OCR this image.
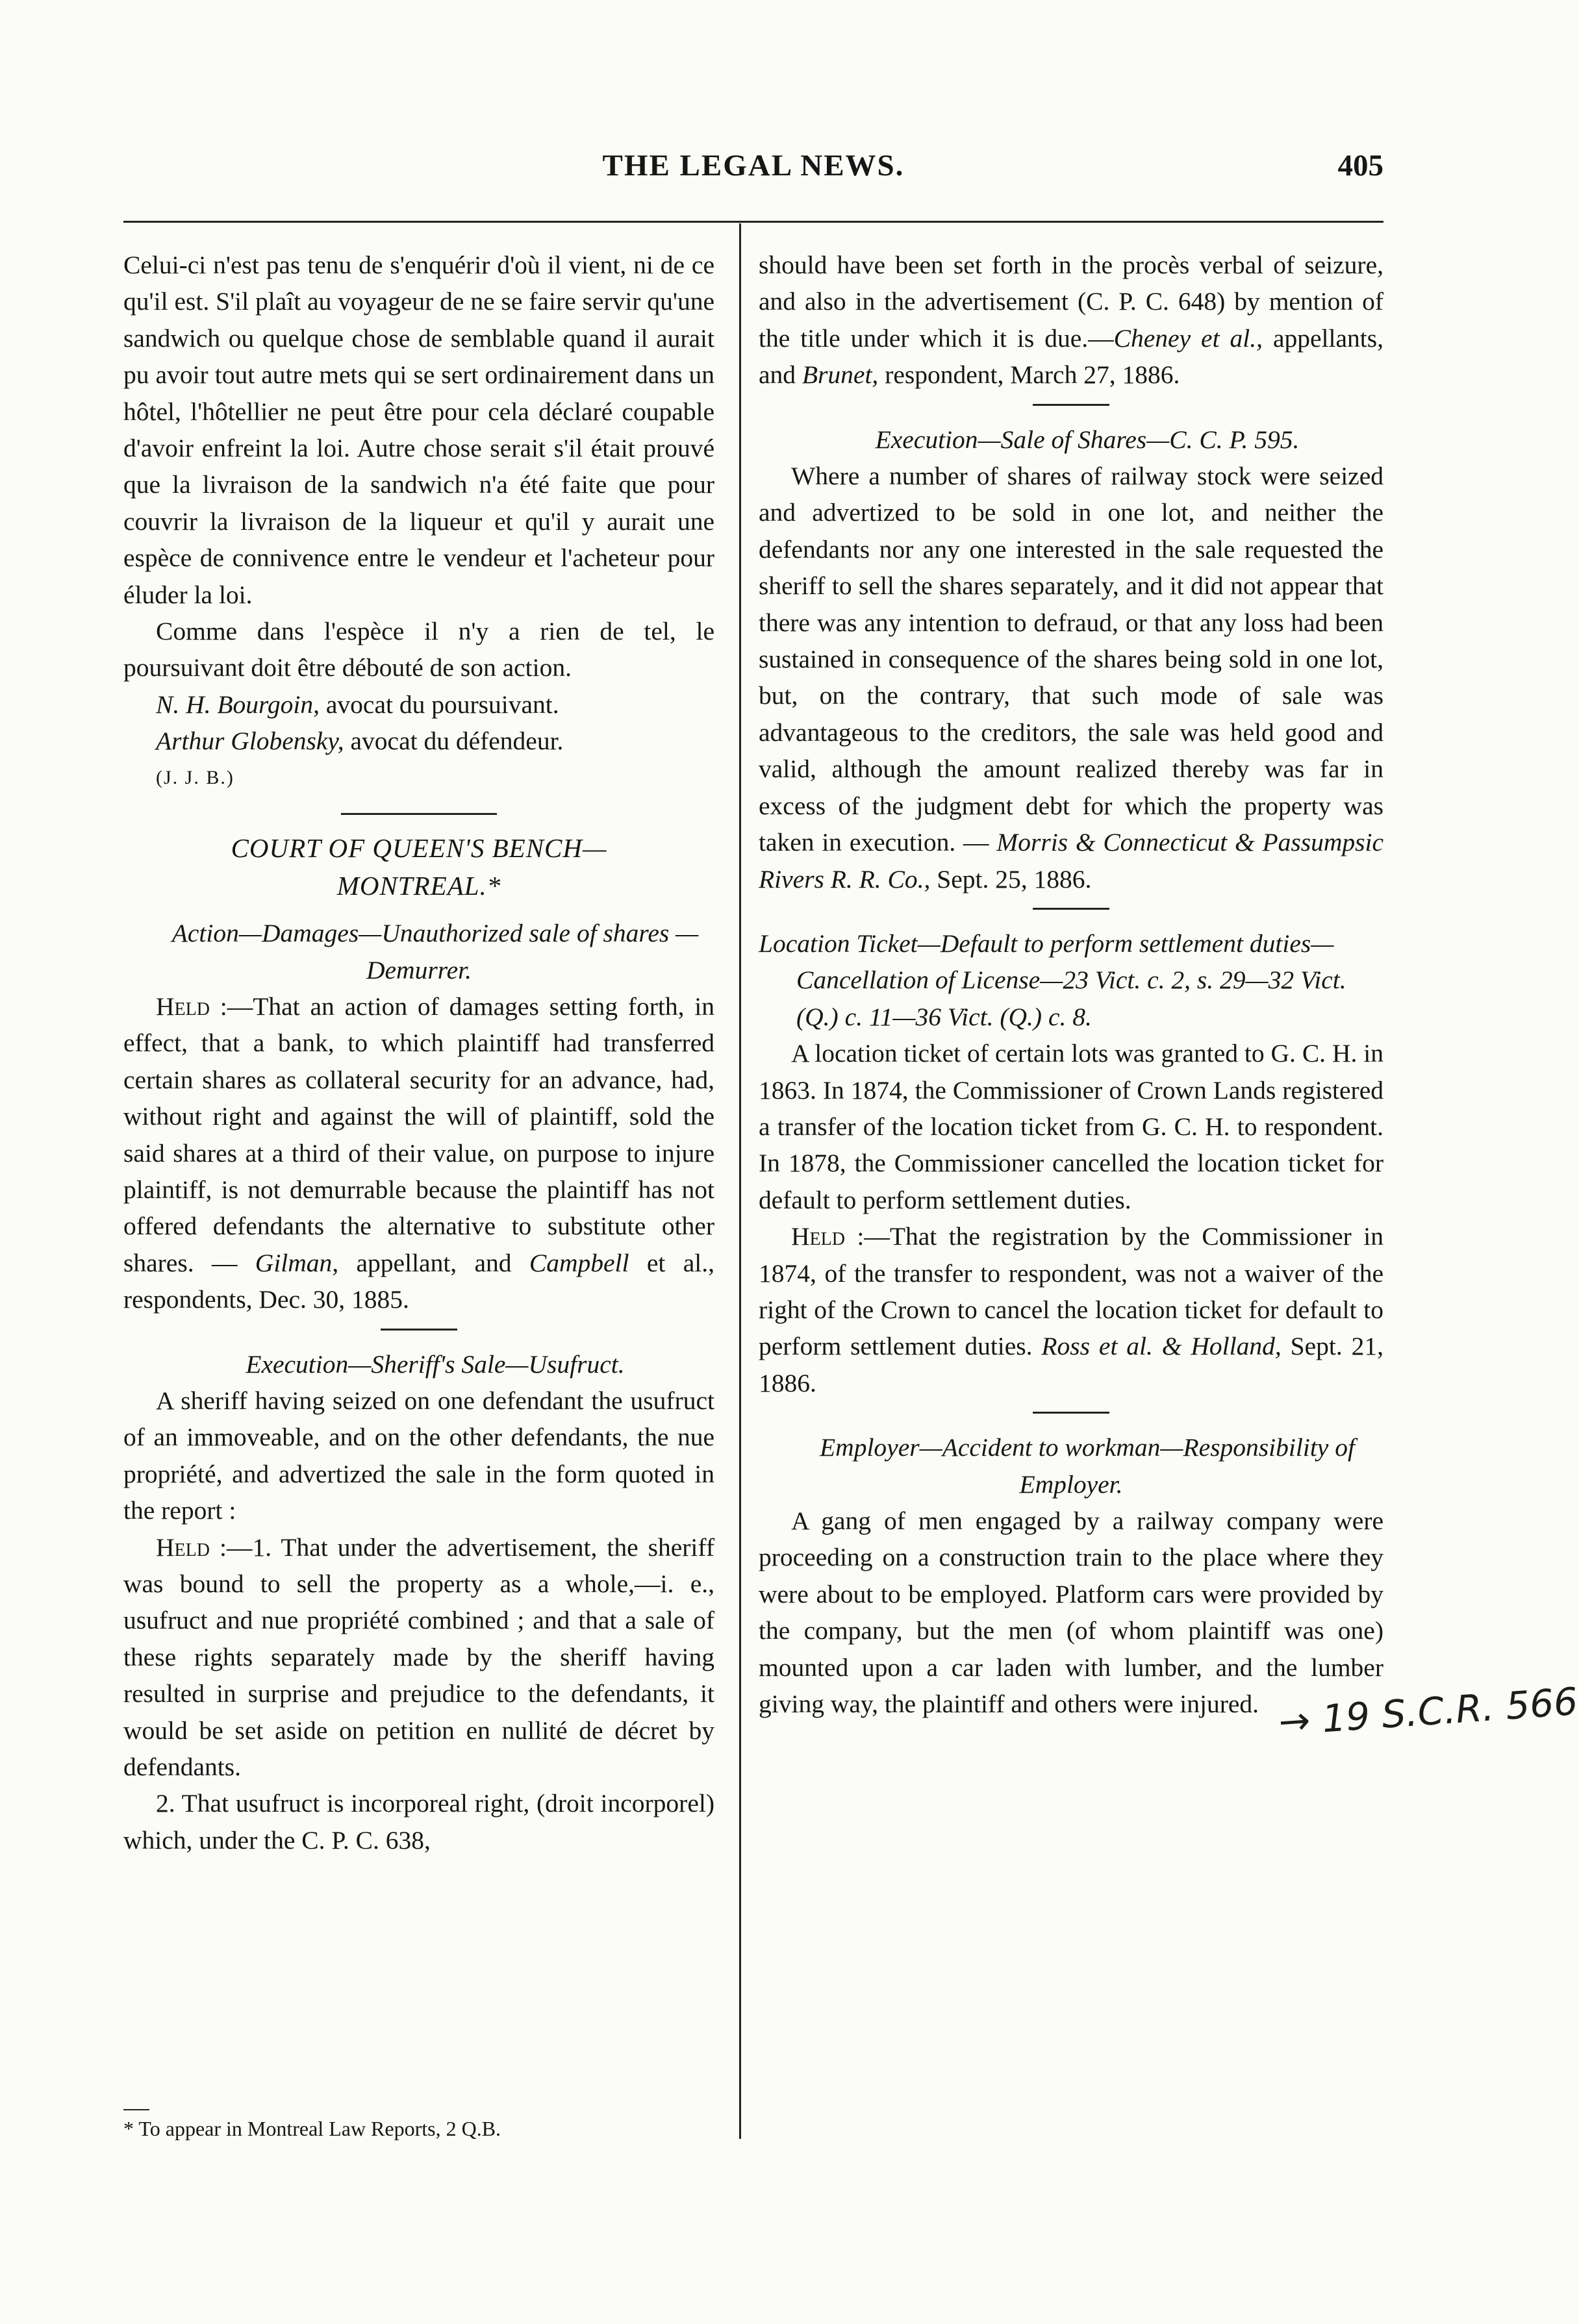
THE LEGAL NEWS.	405

Celui-ci n'est pas tenu de s'enquérir d'où il vient, ni de ce qu'il est. S'il plaît au voyageur de ne se faire servir qu'une sandwich ou quelque chose de semblable quand il aurait pu avoir tout autre mets qui se sert ordinairement dans un hôtel, l'hôtellier ne peut être pour cela déclaré coupable d'avoir enfreint la loi. Autre chose serait s'il était prouvé que la livraison de la sandwich n'a été faite que pour couvrir la livraison de la liqueur et qu'il y aurait une espèce de connivence entre le vendeur et l'acheteur pour éluder la loi.

Comme dans l'espèce il n'y a rien de tel, le poursuivant doit être débouté de son action.

N. H. Bourgoin, avocat du poursuivant.

Arthur Globensky, avocat du défendeur.

(J. J. B.)

COURT OF QUEEN'S BENCH—
MONTREAL.*

Action—Damages—Unauthorized sale of shares —Demurrer.

Held :—That an action of damages setting forth, in effect, that a bank, to which plaintiff had transferred certain shares as collateral security for an advance, had, without right and against the will of plaintiff, sold the said shares at a third of their value, on purpose to injure plaintiff, is not demurrable because the plaintiff has not offered defendants the alternative to substitute other shares. — Gilman, appellant, and Campbell et al., respondents, Dec. 30, 1885.

Execution—Sheriff's Sale—Usufruct.

A sheriff having seized on one defendant the usufruct of an immoveable, and on the other defendants, the nue propriété, and advertized the sale in the form quoted in the report :

Held :—1. That under the advertisement, the sheriff was bound to sell the property as a whole,—i. e., usufruct and nue propriété combined ; and that a sale of these rights separately made by the sheriff having resulted in surprise and prejudice to the defendants, it would be set aside on petition en nullité de décret by defendants.

2. That usufruct is incorporeal right, (droit incorporel) which, under the C. P. C. 638,

* To appear in Montreal Law Reports, 2 Q.B.

should have been set forth in the procès verbal of seizure, and also in the advertisement (C. P. C. 648) by mention of the title under which it is due.—Cheney et al., appellants, and Brunet, respondent, March 27, 1886.

Execution—Sale of Shares—C. C. P. 595.

Where a number of shares of railway stock were seized and advertized to be sold in one lot, and neither the defendants nor any one interested in the sale requested the sheriff to sell the shares separately, and it did not appear that there was any intention to defraud, or that any loss had been sustained in consequence of the shares being sold in one lot, but, on the contrary, that such mode of sale was advantageous to the creditors, the sale was held good and valid, although the amount realized thereby was far in excess of the judgment debt for which the property was taken in execution. — Morris & Connecticut & Passumpsic Rivers R. R. Co., Sept. 25, 1886.

Location Ticket—Default to perform settlement duties—Cancellation of License—23 Vict. c. 2, s. 29—32 Vict. (Q.) c. 11—36 Vict. (Q.) c. 8.

A location ticket of certain lots was granted to G. C. H. in 1863. In 1874, the Commissioner of Crown Lands registered a transfer of the location ticket from G. C. H. to respondent. In 1878, the Commissioner cancelled the location ticket for default to perform settlement duties.

Held :—That the registration by the Commissioner in 1874, of the transfer to respondent, was not a waiver of the right of the Crown to cancel the location ticket for default to perform settlement duties. Ross et al. & Holland, Sept. 21, 1886.

Employer—Accident to workman—Responsibility of Employer.

A gang of men engaged by a railway company were proceeding on a construction train to the place where they were about to be employed. Platform cars were provided by the company, but the men (of whom plaintiff was one) mounted upon a car laden with lumber, and the lumber giving way, the plaintiff and others were injured. → 19 S.C.R. 566
